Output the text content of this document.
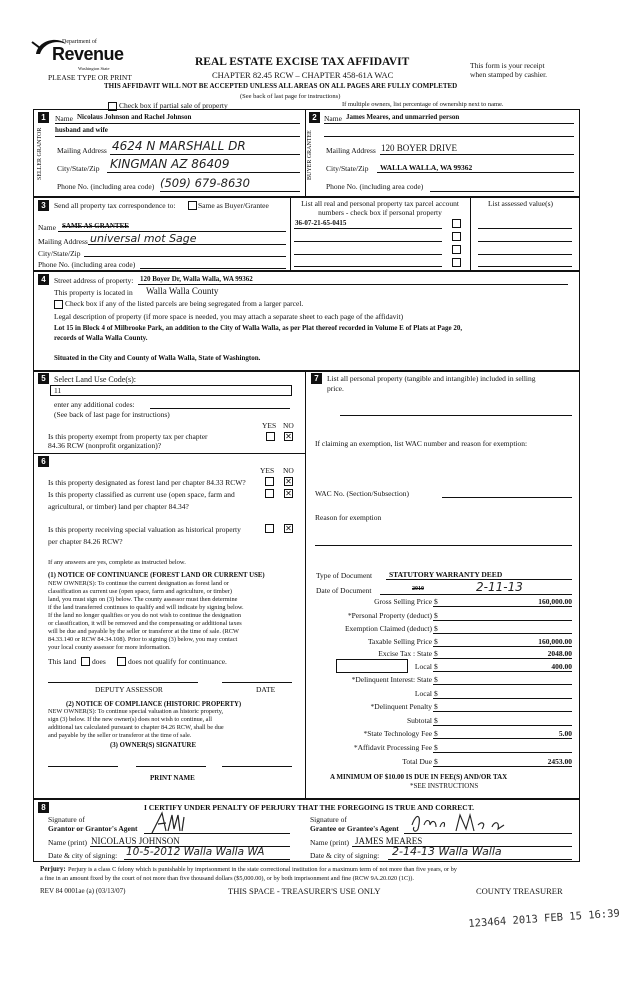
Department of
Revenue
Washington State
REAL ESTATE EXCISE TAX AFFIDAVIT
CHAPTER 82.45 RCW – CHAPTER 458-61A WAC
PLEASE TYPE OR PRINT
This form is your receipt
when stamped by cashier.
THIS AFFIDAVIT WILL NOT BE ACCEPTED UNLESS ALL AREAS ON ALL PAGES ARE FULLY COMPLETED
(See back of last page for instructions)
Check box if partial sale of property	If multiple owners, list percentage of ownership next to name.
1	2
SELLER GRANTOR	BUYER GRANTEE
Name Nicolaus Johnson and Rachel Johnson
husband and wife
Mailing Address 4624 N MARSHALL DR
City/State/Zip KINGMAN AZ 86409
Phone No. (including area code) (509) 679-8630
Name James Meares, and unmarried person
Mailing Address 120 BOYER DRIVE
City/State/Zip WALLA WALLA, WA 99362
Phone No. (including area code)
3	Send all property tax correspondence to:	Same as Buyer/Grantee
Name SAME AS GRANTEE
Mailing Address universal mot Sage
City/State/Zip
Phone No. (including area code)
List all real and personal property tax parcel account numbers - check box if personal property
List assessed value(s)
36-07-21-65-0415
4	Street address of property: 120 Boyer Dr, Walla Walla, WA 99362
This property is located in Walla Walla County
Check box if any of the listed parcels are being segregated from a larger parcel.
Legal description of property (if more space is needed, you may attach a separate sheet to each page of the affidavit)
Lot 15 in Block 4 of Milbrooke Park, an addition to the City of Walla Walla, as per Plat thereof recorded in Volume E of Plats at Page 20,
records of Walla Walla County.
Situated in the City and County of Walla Walla, State of Washington.
5	Select Land Use Code(s):
11
enter any additional codes:
(See back of last page for instructions)
YES NO
Is this property exempt from property tax per chapter
84.36 RCW (nonprofit organization)?
✕
6
YES NO
Is this property designated as forest land per chapter 84.33 RCW?	✕
Is this property classified as current use (open space, farm and
agricultural, or timber) land per chapter 84.34?
✕
Is this property receiving special valuation as historical property
per chapter 84.26 RCW?
✕
If any answers are yes, complete as instructed below.
(1) NOTICE OF CONTINUANCE (FOREST LAND OR CURRENT USE)
NEW OWNER(S): To continue the current designation as forest land or
classification as current use (open space, farm and agriculture, or timber)
land, you must sign on (3) below. The county assessor must then determine
if the land transferred continues to qualify and will indicate by signing below.
If the land no longer qualifies or you do not wish to continue the designation
or classification, it will be removed and the compensating or additional taxes
will be due and payable by the seller or transferor at the time of sale. (RCW
84.33.140 or RCW 84.34.108). Prior to signing (3) below, you may contact
your local county assessor for more information.
This land does	does not qualify for continuance.
DEPUTY ASSESSOR	DATE
(2) NOTICE OF COMPLIANCE (HISTORIC PROPERTY)
NEW OWNER(S): To continue special valuation as historic property,
sign (3) below. If the new owner(s) does not wish to continue, all
additional tax calculated pursuant to chapter 84.26 RCW, shall be due
and payable by the seller or transferor at the time of sale.
(3) OWNER(S) SIGNATURE
PRINT NAME
7	List all personal property (tangible and intangible) included in selling
price.
If claiming an exemption, list WAC number and reason for exemption:
WAC No. (Section/Subsection)
Reason for exemption
Type of Document STATUTORY WARRANTY DEED
Date of Document	2010	2-11-13
Gross Selling Price $	160,000.00
*Personal Property (deduct) $
Exemption Claimed (deduct) $
Taxable Selling Price $	160,000.00
Excise Tax : State $	2048.00
Local $	400.00
*Delinquent Interest: State $
Local $
*Delinquent Penalty $
Subtotal $
*State Technology Fee $	5.00
*Affidavit Processing Fee $
Total Due $	2453.00
A MINIMUM OF $10.00 IS DUE IN FEE(S) AND/OR TAX
*SEE INSTRUCTIONS
8	I CERTIFY UNDER PENALTY OF PERJURY THAT THE FOREGOING IS TRUE AND CORRECT.
Signature of
Grantor or Grantor's Agent
Name (print) NICOLAUS JOHNSON
Date & city of signing: 10-5-2012 Walla Walla WA
Signature of
Grantee or Grantee's Agent
Name (print) JAMES MEARES
Date & city of signing: 2-14-13 Walla Walla
Perjury: Perjury is a class C felony which is punishable by imprisonment in the state correctional institution for a maximum term of not more than five years, or by
a fine in an amount fixed by the court of not more than five thousand dollars ($5,000.00), or by both imprisonment and fine (RCW 9A.20.020 (1C)).
REV 84 0001ae (a) (03/13/07)	THIS SPACE - TREASURER'S USE ONLY	COUNTY TREASURER
123464 2013 FEB 15 16:39
